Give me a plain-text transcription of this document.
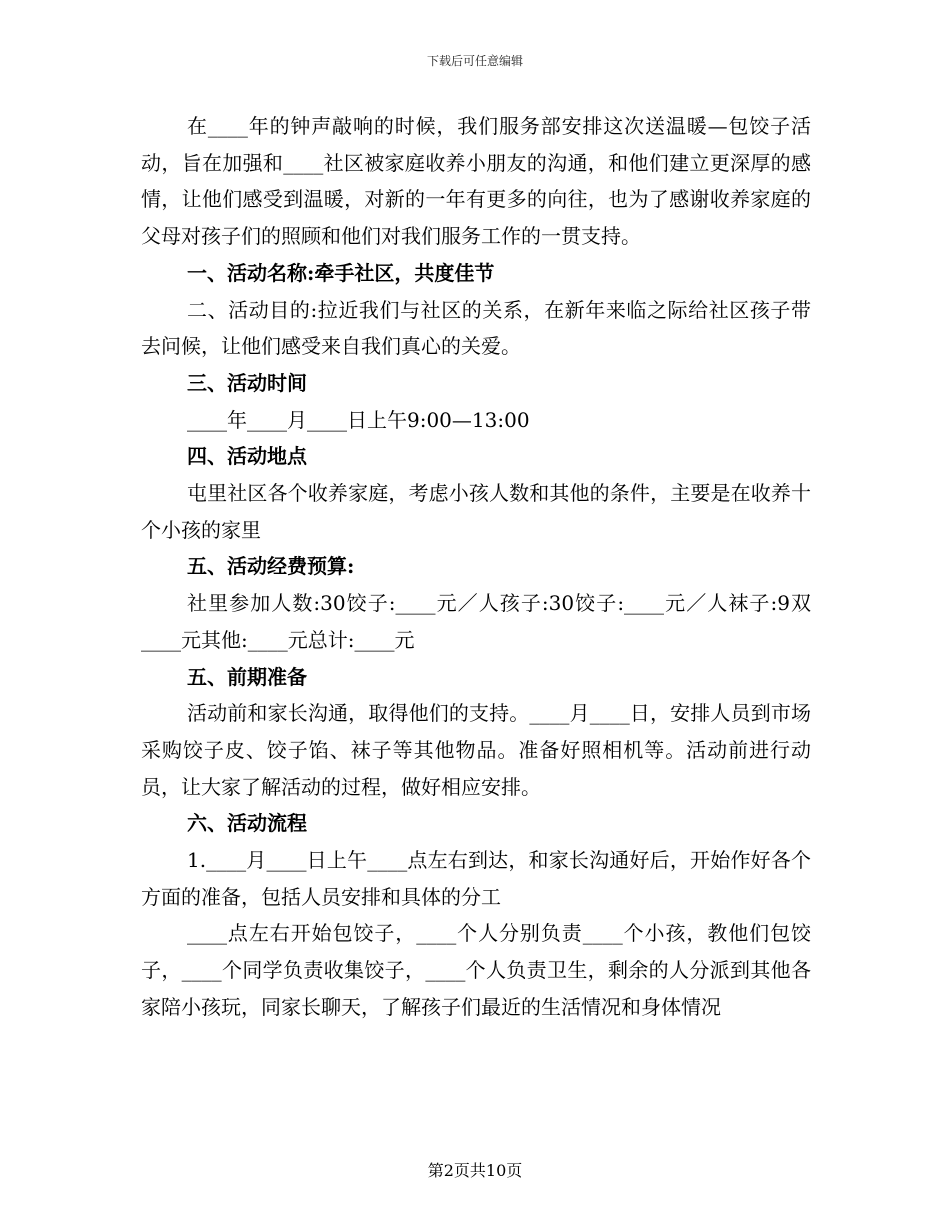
下载后可任意编辑

在____年的钟声敲响的时候，我们服务部安排这次送温暖—包饺子活动，旨在加强和____社区被家庭收养小朋友的沟通，和他们建立更深厚的感情，让他们感受到温暖，对新的一年有更多的向往，也为了感谢收养家庭的父母对孩子们的照顾和他们对我们服务工作的一贯支持。

一、活动名称:牵手社区，共度佳节

二、活动目的:拉近我们与社区的关系，在新年来临之际给社区孩子带去问候，让他们感受来自我们真心的关爱。

三、活动时间

____年____月____日上午9:00—13:00

四、活动地点

屯里社区各个收养家庭，考虑小孩人数和其他的条件，主要是在收养十个小孩的家里

五、活动经费预算:

社里参加人数:30饺子:____元／人孩子:30饺子:____元／人袜子:9双____元其他:____元总计:____元

五、前期准备

活动前和家长沟通，取得他们的支持。____月____日，安排人员到市场采购饺子皮、饺子馅、袜子等其他物品。准备好照相机等。活动前进行动员，让大家了解活动的过程，做好相应安排。

六、活动流程

1.____月____日上午____点左右到达，和家长沟通好后，开始作好各个方面的准备，包括人员安排和具体的分工

____点左右开始包饺子，____个人分别负责____个小孩，教他们包饺子，____个同学负责收集饺子，____个人负责卫生，剩余的人分派到其他各家陪小孩玩，同家长聊天，了解孩子们最近的生活情况和身体情况

第2页共10页
